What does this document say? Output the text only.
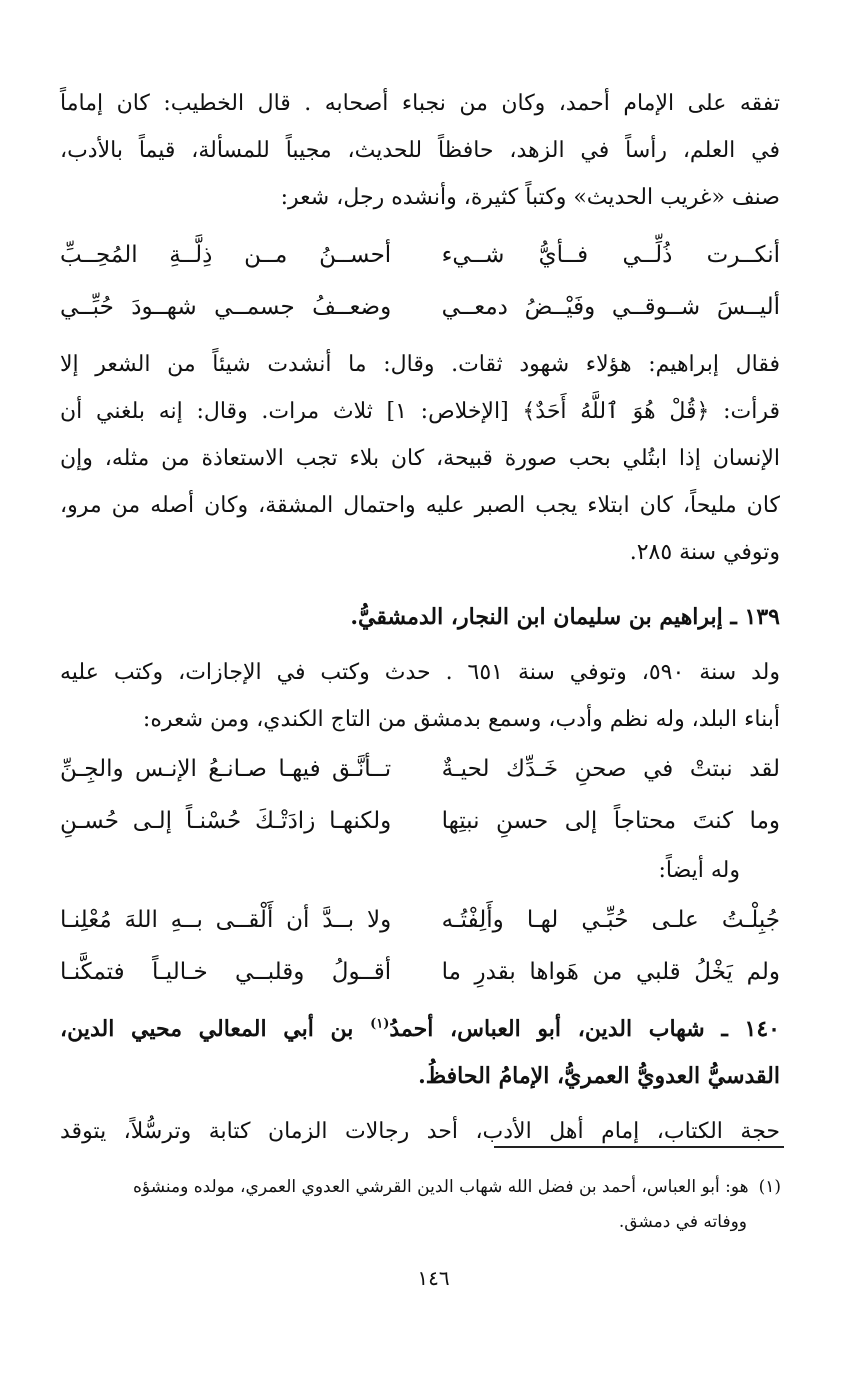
تفقه على الإمام أحمد، وكان من نجباء أصحابه . قال الخطيب: كان إماماً
في العلم، رأساً في الزهد، حافظاً للحديث، مجيباً للمسألة، قيماً بالأدب،
صنف «غريب الحديث» وكتباً كثيرة، وأنشده رجل، شعر:

أنكــرت ذُلِّــي فــأيُّ شــيء
أحســنُ مــن ذِلَّــةِ المُحِــبِّ
أليــسَ شــوقــي وفَيْــضُ دمعــي
وضعــفُ جسمــي شهــودَ حُبِّــي

فقال إبراهيم: هؤلاء شهود ثقات. وقال: ما أنشدت شيئاً من الشعر إلا
قرأت: ﴿قُلْ هُوَ ٱللَّهُ أَحَدٌ﴾ [الإخلاص: ١] ثلاث مرات. وقال: إنه بلغني أن
الإنسان إذا ابتُلي بحب صورة قبيحة، كان بلاء تجب الاستعاذة من مثله، وإن
كان مليحاً، كان ابتلاء يجب الصبر عليه واحتمال المشقة، وكان أصله من مرو،
وتوفي سنة ٢٨٥.

١٣٩ ـ إبراهيم بن سليمان ابن النجار، الدمشقيُّ.

ولد سنة ٥٩٠، وتوفي سنة ٦٥١ . حدث وكتب في الإجازات، وكتب عليه
أبناء البلد، وله نظم وأدب، وسمع بدمشق من التاج الكندي، ومن شعره:

لقد نبتتْ في صحنِ خَـدِّك لحيـةٌ
تــأنَّـق فيهـا صـانـعُ الإنـس والجِـنِّ
وما كنتَ محتاجاً إلى حسنِ نبتِها
ولكنهـا زادَتْـكَ حُسْنـاً إلـى حُسـنِ
وله أيضاً:
جُبِلْـتُ علـى حُبِّـي لهـا وأَلِفْتُـه
ولا بــدَّ أن أَلْقــى بــهِ اللهَ مُعْلِنـا
ولم يَخْلُ قلبي من هَواها بقدرِ ما
أقــولُ وقلبــي خـاليـاً فتمكَّنـا

١٤٠ ـ شهاب الدين، أبو العباس، أحمدُ$^{(١)}$ بن أبي المعالي محيي الدين،
القدسيُّ العدويُّ العمريُّ، الإمامُ الحافظُ.

حجة الكتاب، إمام أهل الأدب، أحد رجالات الزمان كتابة وترسُّلاً، يتوقد

(١)هو: أبو العباس، أحمد بن فضل الله شهاب الدين القرشي العدوي العمري، مولده ومنشؤه
ووفاته في دمشق.
١٤٦
